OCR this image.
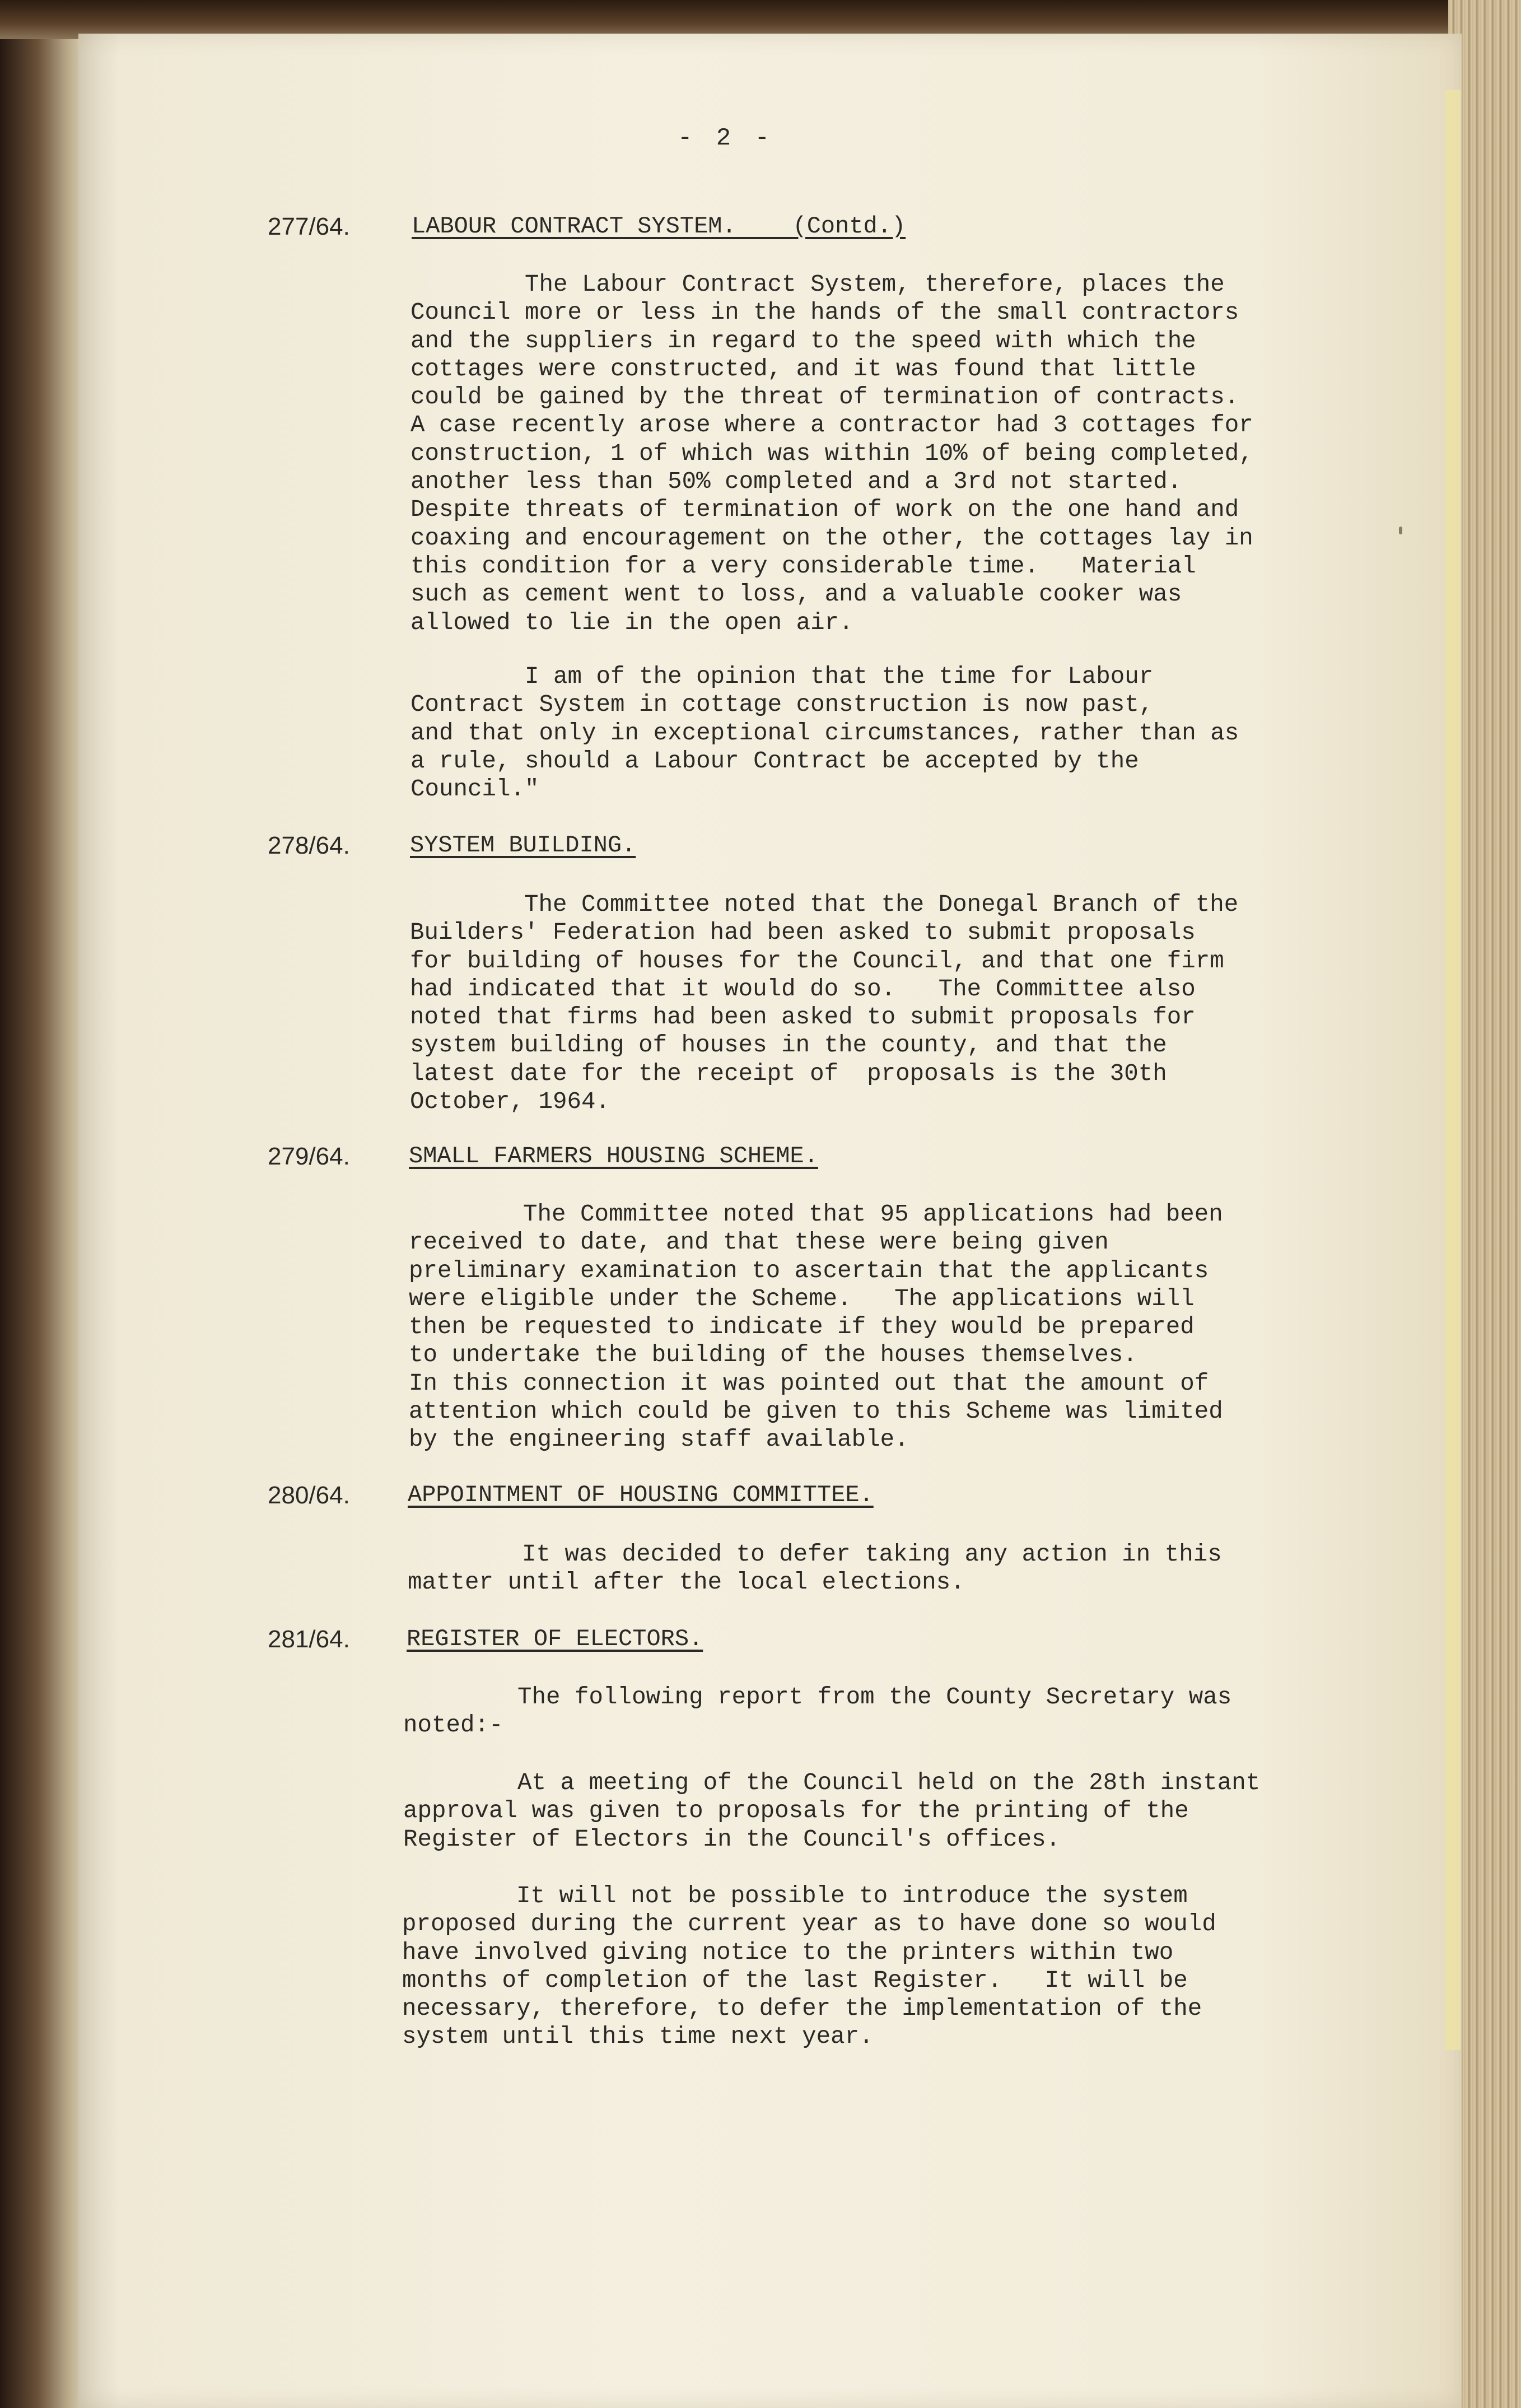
- 2 -
277/64.	LABOUR CONTRACT SYSTEM.    (Contd.)

The Labour Contract System, therefore, places the
Council more or less in the hands of the small contractors
and the suppliers in regard to the speed with which the
cottages were constructed, and it was found that little
could be gained by the threat of termination of contracts.
A case recently arose where a contractor had 3 cottages for
construction, 1 of which was within 10% of being completed,
another less than 50% completed and a 3rd not started.
Despite threats of termination of work on the one hand and
coaxing and encouragement on the other, the cottages lay in
this condition for a very considerable time.   Material
such as cement went to loss, and a valuable cooker was
allowed to lie in the open air.

I am of the opinion that the time for Labour
Contract System in cottage construction is now past,
and that only in exceptional circumstances, rather than as
a rule, should a Labour Contract be accepted by the
Council."

278/64.	SYSTEM BUILDING.

The Committee noted that the Donegal Branch of the
Builders' Federation had been asked to submit proposals
for building of houses for the Council, and that one firm
had indicated that it would do so.   The Committee also
noted that firms had been asked to submit proposals for
system building of houses in the county, and that the
latest date for the receipt of  proposals is the 30th
October, 1964.

279/64.	SMALL FARMERS HOUSING SCHEME.

The Committee noted that 95 applications had been
received to date, and that these were being given
preliminary examination to ascertain that the applicants
were eligible under the Scheme.   The applications will
then be requested to indicate if they would be prepared
to undertake the building of the houses themselves.
In this connection it was pointed out that the amount of
attention which could be given to this Scheme was limited
by the engineering staff available.

280/64. APPOINTMENT OF HOUSING COMMITTEE.

It was decided to defer taking any action in this
matter until after the local elections.

281/64. REGISTER OF ELECTORS.

The following report from the County Secretary was
noted:-

At a meeting of the Council held on the 28th instant
approval was given to proposals for the printing of the
Register of Electors in the Council's offices.

It will not be possible to introduce the system
proposed during the current year as to have done so would
have involved giving notice to the printers within two
months of completion of the last Register.   It will be
necessary, therefore, to defer the implementation of the
system until this time next year.
